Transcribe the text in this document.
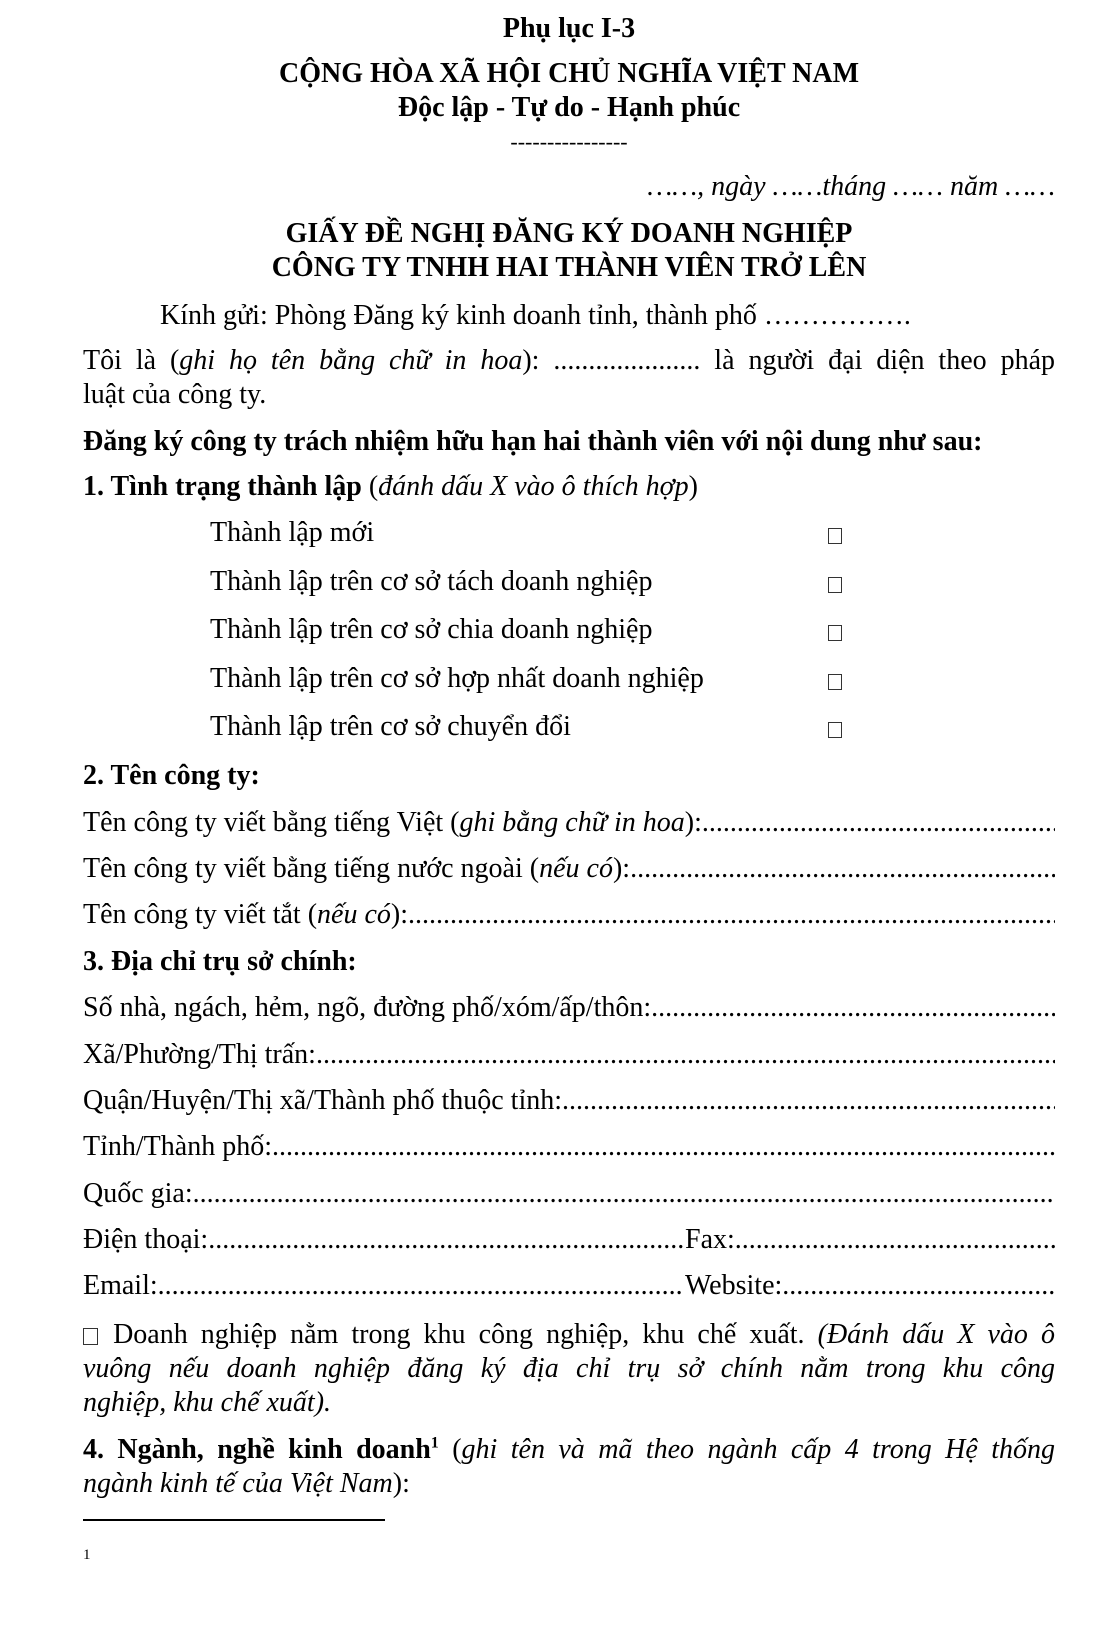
Phụ lục I-3
CỘNG HÒA XÃ HỘI CHỦ NGHĨA VIỆT NAM
Độc lập - Tự do - Hạnh phúc
----------------
……, ngày ……tháng …… năm ……
GIẤY ĐỀ NGHỊ ĐĂNG KÝ DOANH NGHIỆP
CÔNG TY TNHH HAI THÀNH VIÊN TRỞ LÊN
Kính gửi: Phòng Đăng ký kinh doanh tỉnh, thành phố …………….
Tôi là (ghi họ tên bằng chữ in hoa): ..................... là người đại diện theo pháp
luật của công ty.
Đăng ký công ty trách nhiệm hữu hạn hai thành viên với nội dung như sau:
1. Tình trạng thành lập (đánh dấu X vào ô thích hợp)
Thành lập mới
Thành lập trên cơ sở tách doanh nghiệp
Thành lập trên cơ sở chia doanh nghiệp
Thành lập trên cơ sở hợp nhất doanh nghiệp
Thành lập trên cơ sở chuyển đổi
2. Tên công ty:
Tên công ty viết bằng tiếng Việt (ghi bằng chữ in hoa):
.....
Tên công ty viết bằng tiếng nước ngoài (nếu có):
.....
Tên công ty viết tắt (nếu có):
.....
3. Địa chỉ trụ sở chính:
Số nhà, ngách, hẻm, ngõ, đường phố/xóm/ấp/thôn:
.....
Xã/Phường/Thị trấn:
.....
Quận/Huyện/Thị xã/Thành phố thuộc tỉnh:
.....
Tỉnh/Thành phố:
.....
Quốc gia:
.....
Điện thoại: .....	Fax:
.....
Email: .....	Website:
.....
Doanh nghiệp nằm trong khu công nghiệp, khu chế xuất. (Đánh dấu X vào ô
vuông nếu doanh nghiệp đăng ký địa chỉ trụ sở chính nằm trong khu công
nghiệp, khu chế xuất).
4. Ngành, nghề kinh doanh$^1$ (ghi tên và mã theo ngành cấp 4 trong Hệ thống
ngành kinh tế của Việt Nam):
1
